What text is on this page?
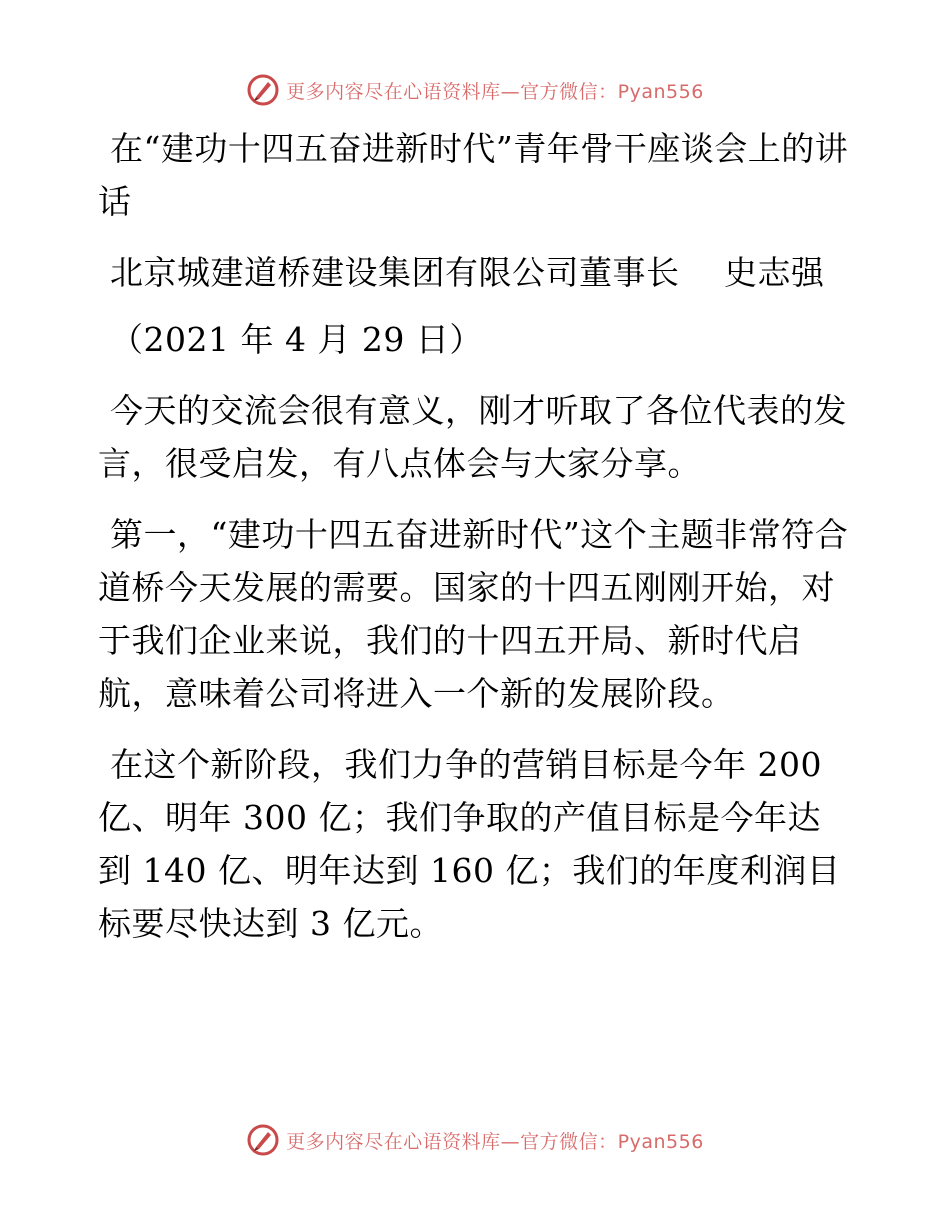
更多内容尽在心语资料库—官方微信：Pyan556

在“建功十四五奋进新时代”青年骨干座谈会上的讲话

北京城建道桥建设集团有限公司董事长　 史志强

（2021 年 4 月 29 日）

今天的交流会很有意义，刚才听取了各位代表的发言，很受启发，有八点体会与大家分享。

第一，“建功十四五奋进新时代”这个主题非常符合道桥今天发展的需要。国家的十四五刚刚开始，对于我们企业来说，我们的十四五开局、新时代启航，意味着公司将进入一个新的发展阶段。

在这个新阶段，我们力争的营销目标是今年 200 亿、明年 300 亿；我们争取的产值目标是今年达到 140 亿、明年达到 160 亿；我们的年度利润目标要尽快达到 3 亿元。

更多内容尽在心语资料库—官方微信：Pyan556
